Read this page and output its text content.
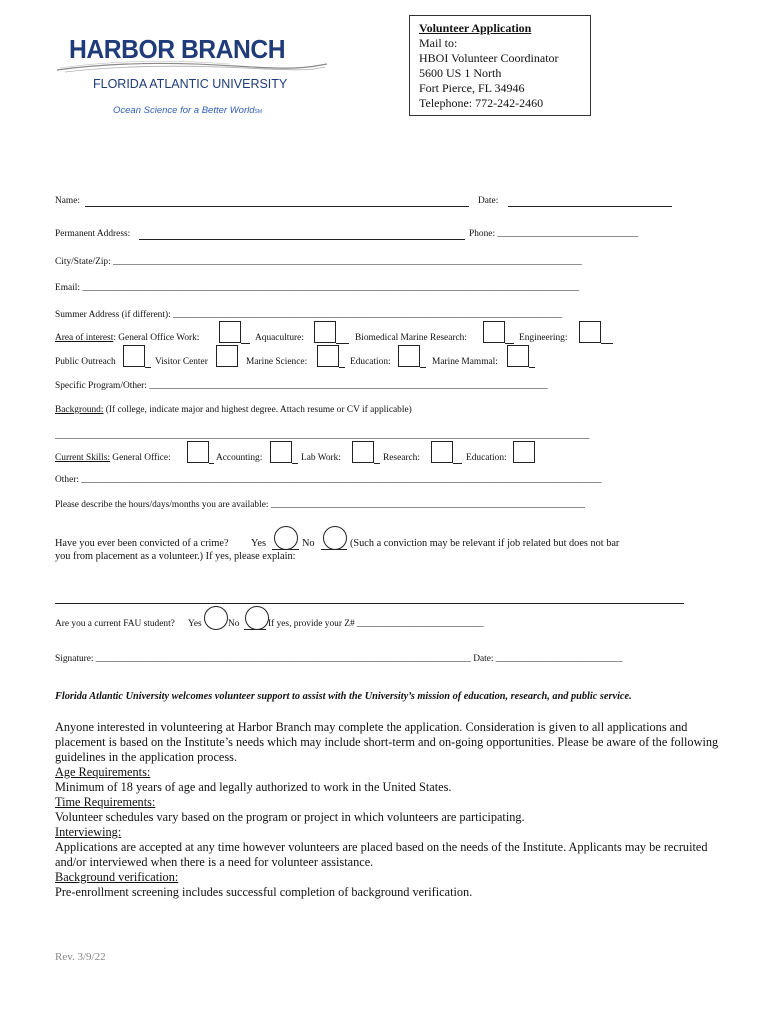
HARBOR BRANCH
FLORIDA ATLANTIC UNIVERSITY
Ocean Science for a Better WorldSM
Volunteer Application
Mail to:
HBOI Volunteer Coordinator
5600 US 1 North
Fort Pierce, FL 34946
Telephone: 772-242-2460
Name:	Date:
Permanent Address:	Phone: ______________________________
City/State/Zip: ____________________________________________________________________________________________________
Email: __________________________________________________________________________________________________________
Summer Address (if different): ___________________________________________________________________________________
Area of interest: General Office Work:	Aquaculture:	Biomedical Marine Research:	Engineering:
Public Outreach	Visitor Center	Marine Science:	Education:	Marine Mammal:
Specific Program/Other: _____________________________________________________________________________________
Background: (If college, indicate major and highest degree. Attach resume or CV if applicable)
__________________________________________________________________________________________________________________
Current Skills: General Office:	Accounting:	Lab Work:	Research:	Education:
Other: _______________________________________________________________________________________________________________
Please describe the hours/days/months you are available: ___________________________________________________________________
Have you ever been convicted of a crime? Yes	No	(Such a conviction may be relevant if job related but does not bar
you from placement as a volunteer.) If yes, please explain:
Are you a current FAU student? Yes	No	If yes, provide your Z# ___________________________
Signature: ________________________________________________________________________________ Date: ___________________________
Florida Atlantic University welcomes volunteer support to assist with the University’s mission of education, research, and public service.
Anyone interested in volunteering at Harbor Branch may complete the application. Consideration is given to all applications and placement is based on the Institute’s needs which may include short-term and on-going opportunities. Please be aware of the following guidelines in the application process.
Age Requirements:
Minimum of 18 years of age and legally authorized to work in the United States.
Time Requirements:
Volunteer schedules vary based on the program or project in which volunteers are participating.
Interviewing:
Applications are accepted at any time however volunteers are placed based on the needs of the Institute. Applicants may be recruited and/or interviewed when there is a need for volunteer assistance.
Background verification:
Pre-enrollment screening includes successful completion of background verification.
Rev. 3/9/22
